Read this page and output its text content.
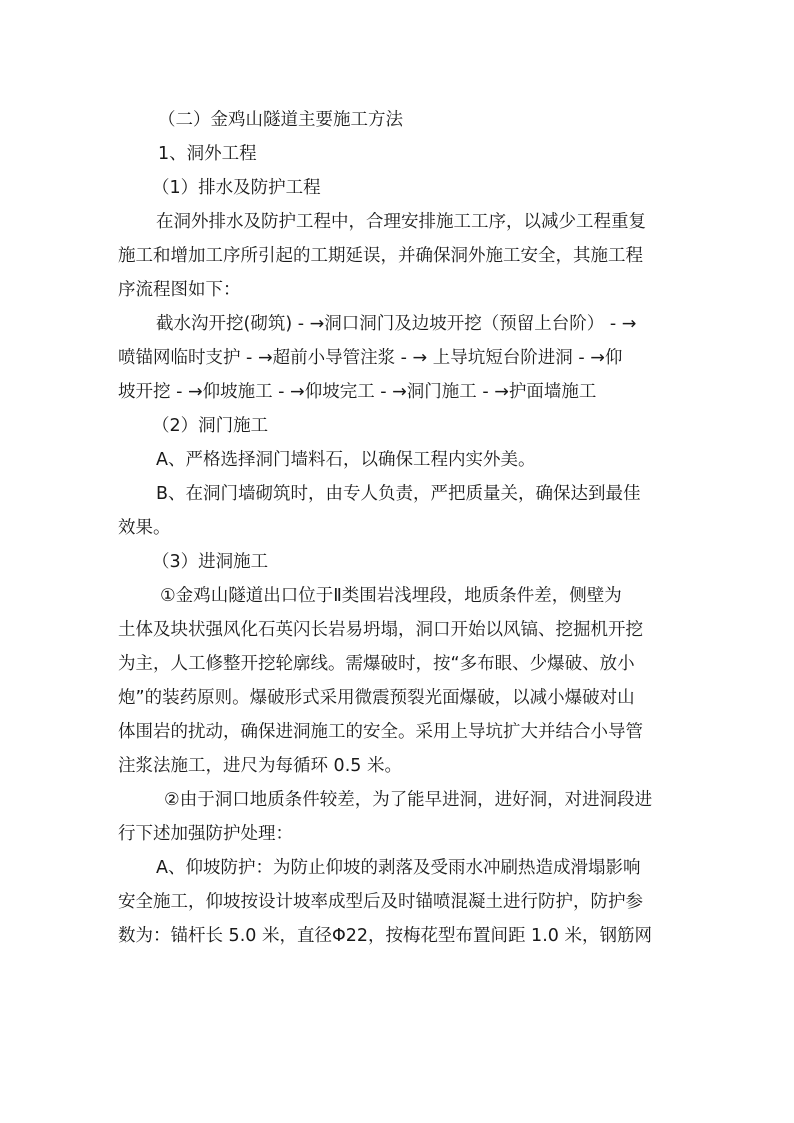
（二）金鸡山隧道主要施工方法
1、洞外工程
（1）排水及防护工程
在洞外排水及防护工程中，合理安排施工工序，以减少工程重复
施工和增加工序所引起的工期延误，并确保洞外施工安全，其施工程
序流程图如下：
截水沟开挖(砌筑) - →洞口洞门及边坡开挖（预留上台阶） - →
喷锚网临时支护 - →超前小导管注浆 - → 上导坑短台阶进洞 - →仰
坡开挖 - →仰坡施工 - →仰坡完工 - →洞门施工 - →护面墙施工
（2）洞门施工
A、严格选择洞门墙料石，以确保工程内实外美。
B、在洞门墙砌筑时，由专人负责，严把质量关，确保达到最佳
效果。
（3）进洞施工
①金鸡山隧道出口位于Ⅱ类围岩浅埋段，地质条件差，侧壁为
土体及块状强风化石英闪长岩易坍塌，洞口开始以风镐、挖掘机开挖
为主，人工修整开挖轮廓线。需爆破时，按“多布眼、少爆破、放小
炮”的装药原则。爆破形式采用微震预裂光面爆破，以减小爆破对山
体围岩的扰动，确保进洞施工的安全。采用上导坑扩大并结合小导管
注浆法施工，进尺为每循环 0.5 米。
②由于洞口地质条件较差，为了能早进洞，进好洞，对进洞段进
行下述加强防护处理：
A、仰坡防护：为防止仰坡的剥落及受雨水冲刷热造成滑塌影响
安全施工，仰坡按设计坡率成型后及时锚喷混凝土进行防护，防护参
数为：锚杆长 5.0 米，直径Φ22，按梅花型布置间距 1.0 米，钢筋网
